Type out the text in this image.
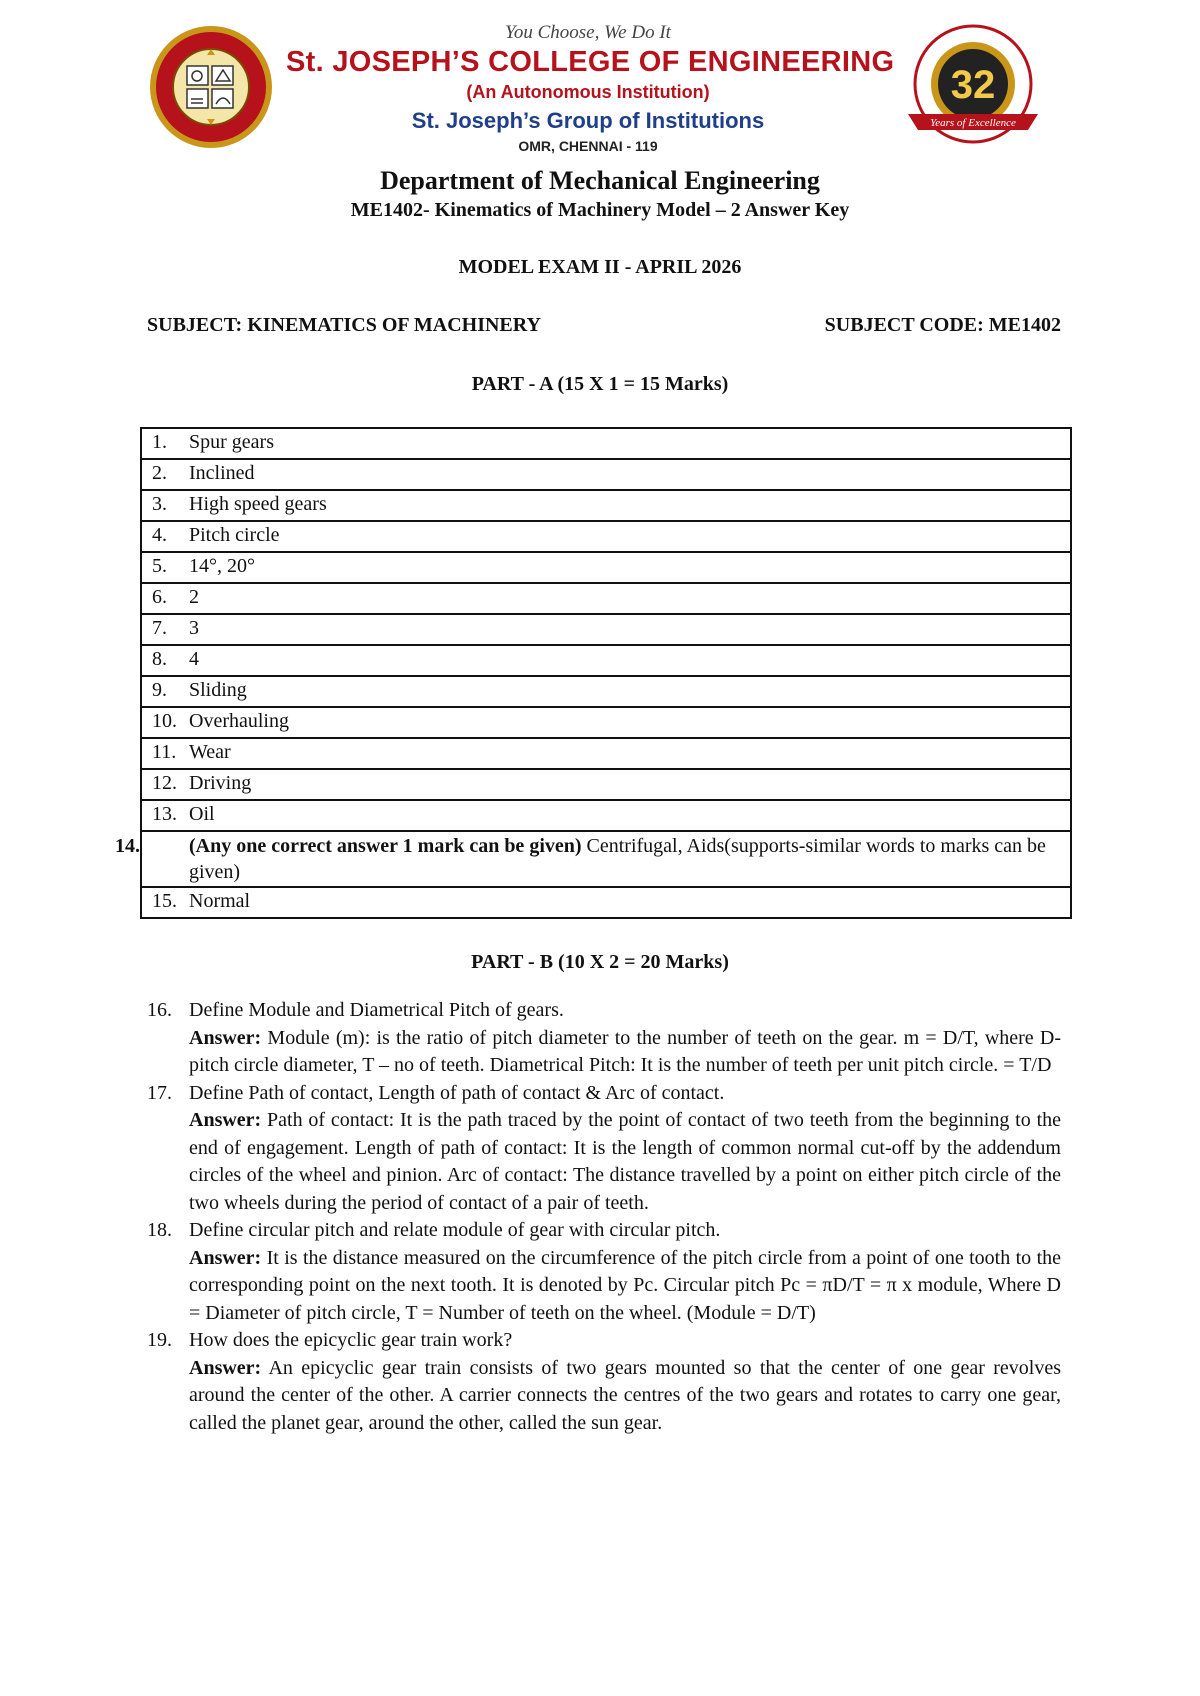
You Choose, We Do It
St. JOSEPH’S COLLEGE OF ENGINEERING
(An Autonomous Institution)
St. Joseph’s Group of Institutions
OMR, CHENNAI - 119
32
Years of Excellence
Department of Mechanical Engineering
ME1402- Kinematics of Machinery Model – 2 Answer Key
MODEL EXAM II - APRIL 2026
SUBJECT: KINEMATICS OF MACHINERY	SUBJECT CODE: ME1402
PART - A (15 X 1 = 15 Marks)
1. Spur gears
2. Inclined
3. High speed gears
4. Pitch circle
5. 14°, 20°
6. 2
7. 3
8. 4
9. Sliding
10. Overhauling
11. Wear
12. Driving
13. Oil
14. (Any one correct answer 1 mark can be given) Centrifugal, Aids(supports-similar words to marks can be given)
15. Normal
PART - B (10 X 2 = 20 Marks)
16. Define Module and Diametrical Pitch of gears.
Answer: Module (m): is the ratio of pitch diameter to the number of teeth on the gear. m = D/T, where D- pitch circle diameter, T – no of teeth. Diametrical Pitch: It is the number of teeth per unit pitch circle. = T/D
17. Define Path of contact, Length of path of contact & Arc of contact.
Answer: Path of contact: It is the path traced by the point of contact of two teeth from the beginning to the end of engagement. Length of path of contact: It is the length of common normal cut-off by the addendum circles of the wheel and pinion. Arc of contact: The distance travelled by a point on either pitch circle of the two wheels during the period of contact of a pair of teeth.
18. Define circular pitch and relate module of gear with circular pitch.
Answer: It is the distance measured on the circumference of the pitch circle from a point of one tooth to the corresponding point on the next tooth. It is denoted by Pc. Circular pitch Pc = πD/T = π x module, Where D = Diameter of pitch circle, T = Number of teeth on the wheel. (Module = D/T)
19. How does the epicyclic gear train work?
Answer: An epicyclic gear train consists of two gears mounted so that the center of one gear revolves around the center of the other. A carrier connects the centres of the two gears and rotates to carry one gear, called the planet gear, around the other, called the sun gear.
